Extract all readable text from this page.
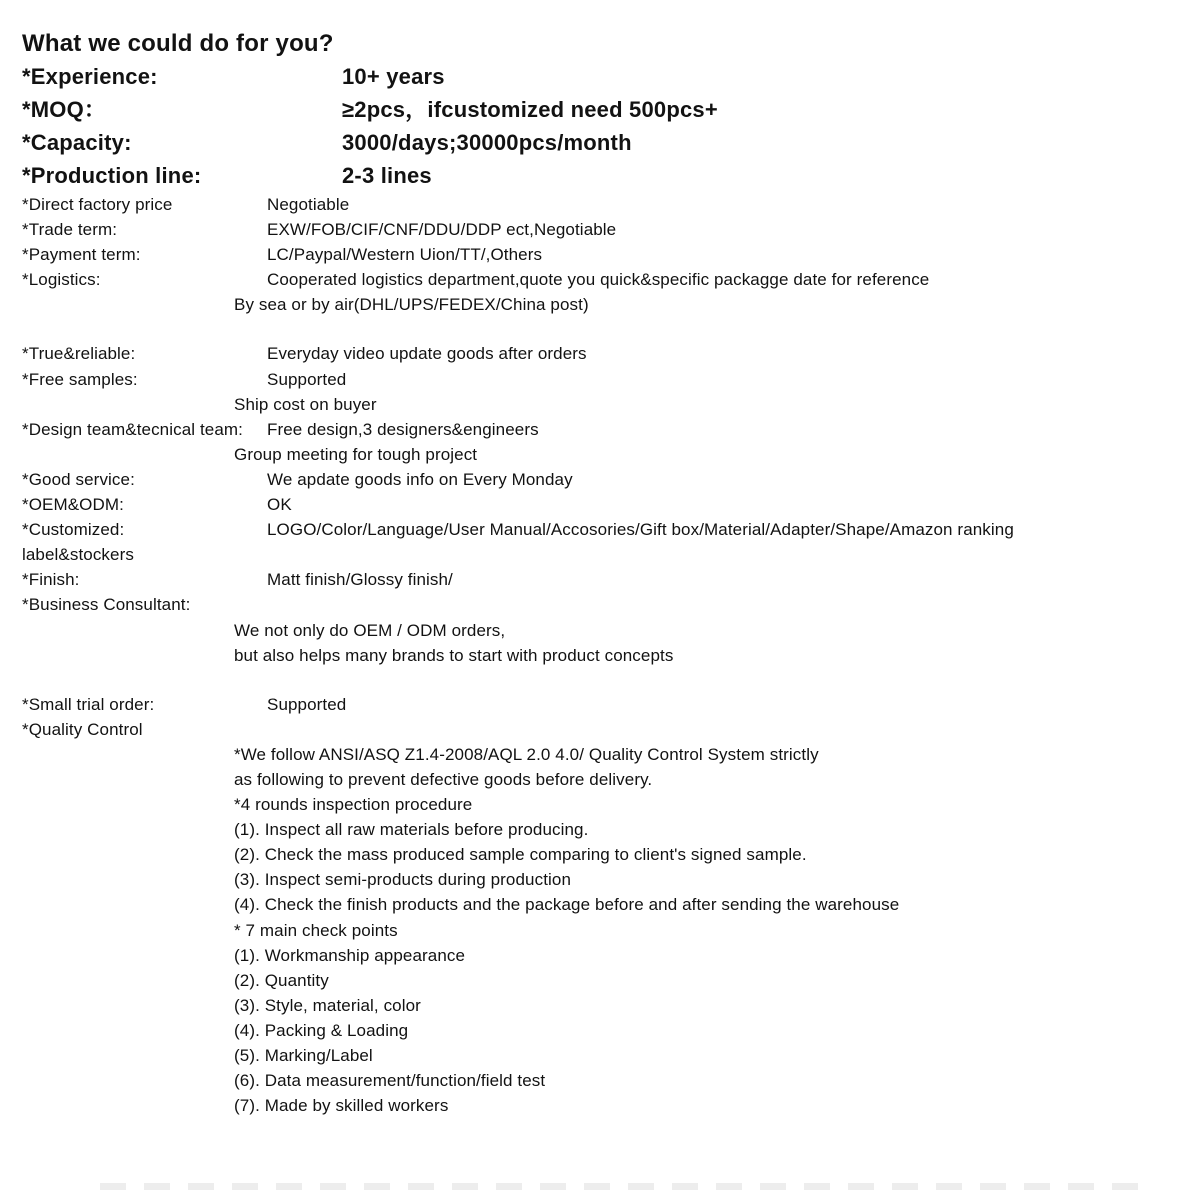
What we could do for you?
*Experience:	10+ years
*MOQ：	≥2pcs，ifcustomized need 500pcs+
*Capacity:	3000/days;30000pcs/month
*Production line:	2-3 lines
*Direct factory price	Negotiable
*Trade term:	EXW/FOB/CIF/CNF/DDU/DDP ect,Negotiable
*Payment term:	LC/Paypal/Western Uion/TT/,Others
*Logistics:	Cooperated logistics department,quote you quick&specific packagge date for reference
By sea or by air(DHL/UPS/FEDEX/China post)
*True&reliable:	Everyday video update goods after orders
*Free samples:	Supported
Ship cost on buyer
*Design team&tecnical team:	Free design,3 designers&engineers
Group meeting for tough project
*Good service:	We apdate goods info on Every Monday
*OEM&ODM:	OK
*Customized:	LOGO/Color/Language/User Manual/Accosories/Gift box/Material/Adapter/Shape/Amazon ranking
label&stockers
*Finish:	Matt finish/Glossy finish/
*Business Consultant:
We not only do OEM / ODM orders,
but also helps many brands to start with product concepts
*Small trial order:	Supported
*Quality Control
*We follow ANSI/ASQ Z1.4-2008/AQL 2.0 4.0/ Quality Control System strictly
as following to prevent defective goods before delivery.
*4 rounds inspection procedure
(1). Inspect all raw materials before producing.
(2). Check the mass produced sample comparing to client's signed sample.
(3). Inspect semi-products during production
(4). Check the finish products and the package before and after sending the warehouse
* 7 main check points
(1). Workmanship appearance
(2). Quantity
(3). Style, material, color
(4). Packing & Loading
(5). Marking/Label
(6). Data measurement/function/field test
(7). Made by skilled workers
